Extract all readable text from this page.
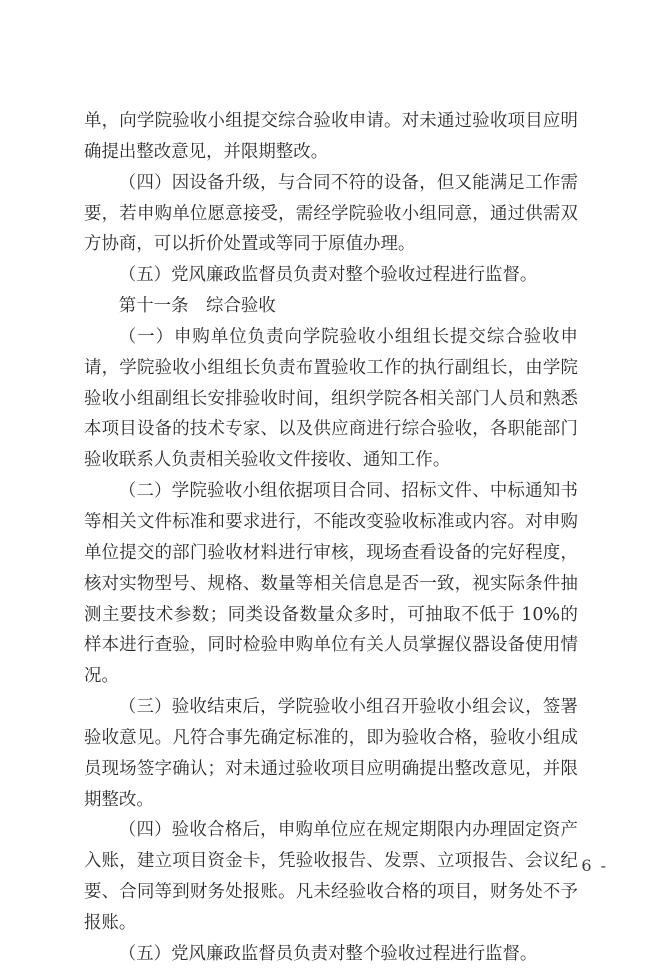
单，向学院验收小组提交综合验收申请。对未通过验收项目应明确提出整改意见，并限期整改。

（四）因设备升级，与合同不符的设备，但又能满足工作需要，若申购单位愿意接受，需经学院验收小组同意，通过供需双方协商，可以折价处置或等同于原值办理。

（五）党风廉政监督员负责对整个验收过程进行监督。

第十一条　综合验收

（一）申购单位负责向学院验收小组组长提交综合验收申请，学院验收小组组长负责布置验收工作的执行副组长，由学院验收小组副组长安排验收时间，组织学院各相关部门人员和熟悉本项目设备的技术专家、以及供应商进行综合验收，各职能部门验收联系人负责相关验收文件接收、通知工作。

（二）学院验收小组依据项目合同、招标文件、中标通知书等相关文件标准和要求进行，不能改变验收标准或内容。对申购单位提交的部门验收材料进行审核，现场查看设备的完好程度，核对实物型号、规格、数量等相关信息是否一致，视实际条件抽测主要技术参数；同类设备数量众多时，可抽取不低于 10%的样本进行查验，同时检验申购单位有关人员掌握仪器设备使用情况。

（三）验收结束后，学院验收小组召开验收小组会议，签署验收意见。凡符合事先确定标准的，即为验收合格，验收小组成员现场签字确认；对未通过验收项目应明确提出整改意见，并限期整改。

（四）验收合格后，申购单位应在规定期限内办理固定资产入账，建立项目资金卡，凭验收报告、发票、立项报告、会议纪要、合同等到财务处报账。凡未经验收合格的项目，财务处不予报账。

（五）党风廉政监督员负责对整个验收过程进行监督。

- 6 -
